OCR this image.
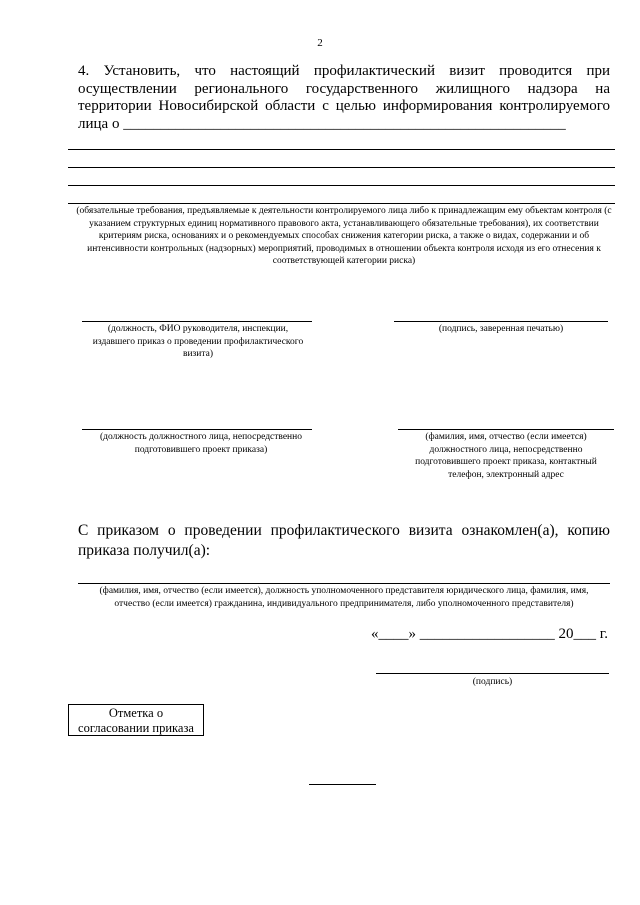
2
4. Установить, что настоящий профилактический визит проводится при осуществлении регионального государственного жилищного надзора на территории Новосибирской области с целью информирования контролируемого лица о ___________________________________________________________
(обязательные требования, предъявляемые к деятельности контролируемого лица либо к принадлежащим ему объектам контроля (с указанием структурных единиц нормативного правового акта, устанавливающего обязательные требования), их соответствии критериям риска, основаниях и о рекомендуемых способах снижения категории риска, а также о видах, содержании и об интенсивности контрольных (надзорных) мероприятий, проводимых в отношении объекта контроля исходя из его отнесения к соответствующей категории риска)
(должность, ФИО руководителя, инспекции, издавшего приказ о проведении профилактического визита)
(подпись, заверенная печатью)
(должность должностного лица, непосредственно подготовившего проект приказа)
(фамилия, имя, отчество (если имеется) должностного лица, непосредственно подготовившего проект приказа, контактный телефон, электронный адрес
С приказом о проведении профилактического визита ознакомлен(а), копию приказа получил(а):
(фамилия, имя, отчество (если имеется), должность уполномоченного представителя юридического лица, фамилия, имя, отчество (если имеется) гражданина, индивидуального предпринимателя, либо уполномоченного представителя)
«____» __________________ 20___ г.
(подпись)
Отметка о
согласовании приказа
